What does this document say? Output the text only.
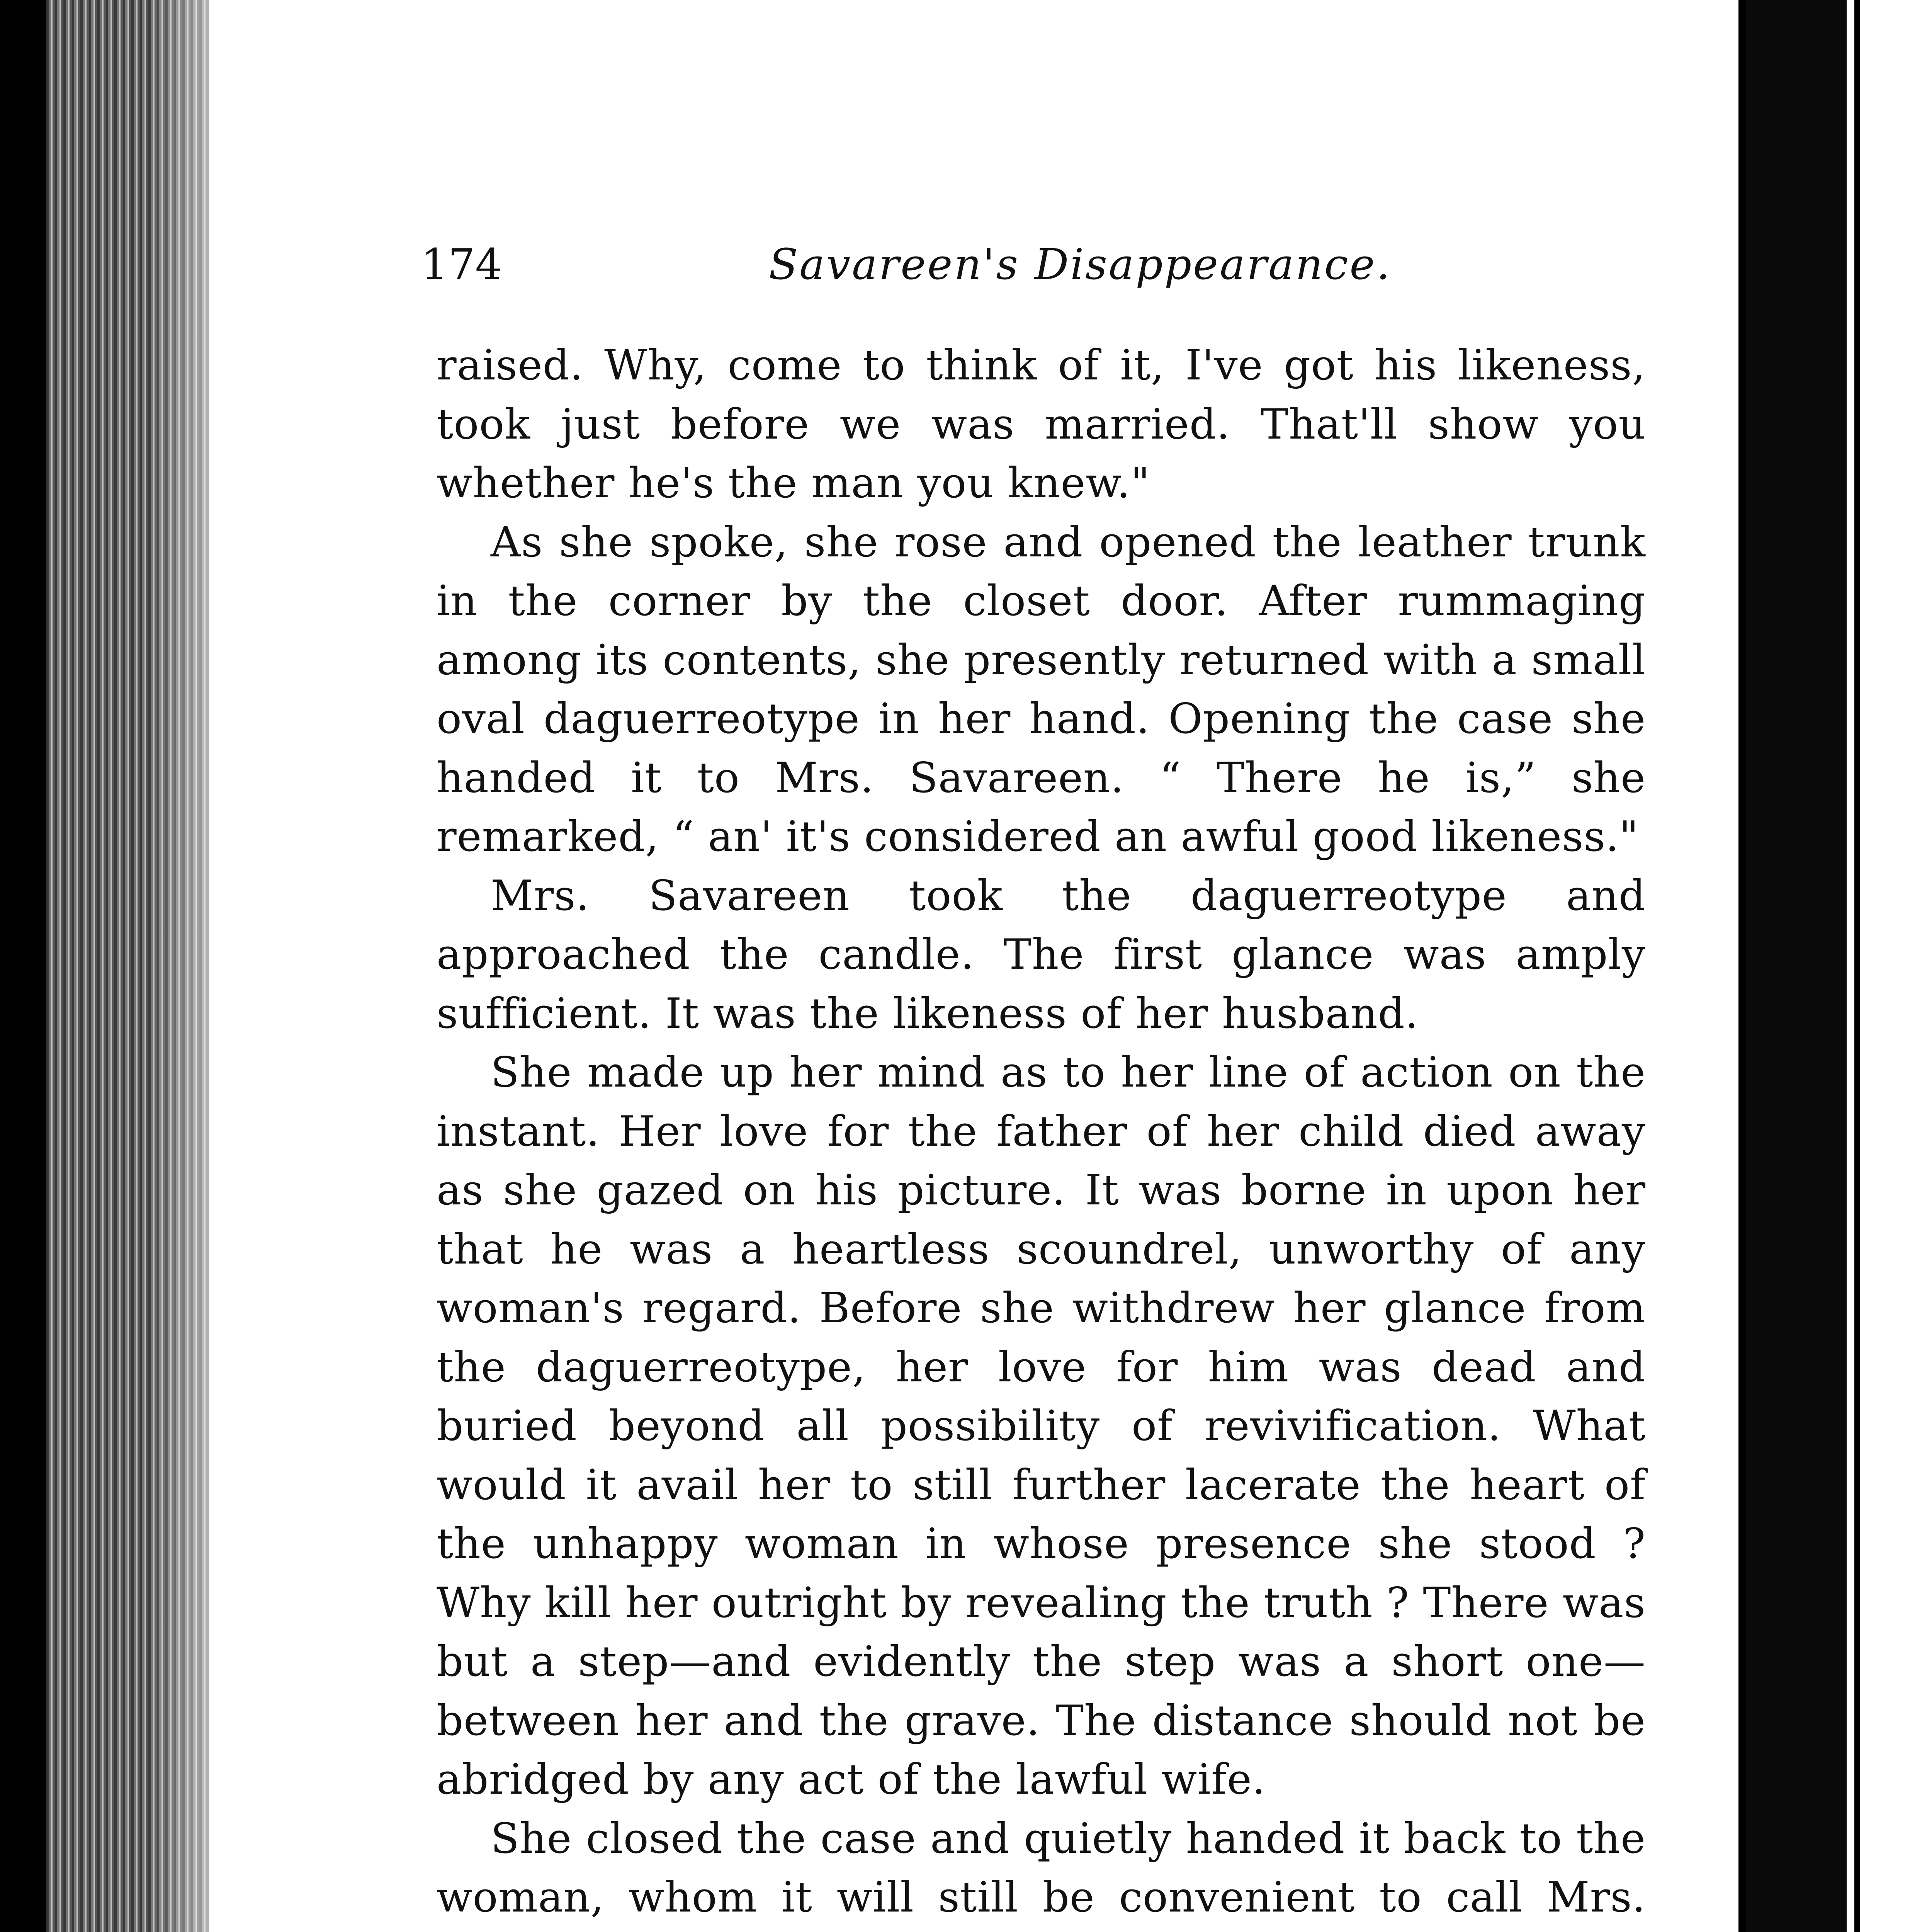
174	Savareen's Disappearance.

raised. Why, come to think of it, I've got his likeness, took just before we was married. That'll show you whether he's the man you knew."

As she spoke, she rose and opened the leather trunk in the corner by the closet door. After rummaging among its contents, she presently returned with a small oval daguerreotype in her hand. Opening the case she handed it to Mrs. Savareen. “ There he is,” she remarked, “ an' it's considered an awful good likeness."

Mrs. Savareen took the daguerreotype and approached the candle. The first glance was amply sufficient. It was the likeness of her husband.

She made up her mind as to her line of action on the instant. Her love for the father of her child died away as she gazed on his picture. It was borne in upon her that he was a heartless scoundrel, unworthy of any woman's regard. Before she withdrew her glance from the daguerreotype, her love for him was dead and buried beyond all possibility of revivification. What would it avail her to still further lacerate the heart of the unhappy woman in whose presence she stood ? Why kill her outright by revealing the truth ? There was but a step—and evidently the step was a short one—between her and the grave. The distance should not be abridged by any act of the lawful wife.

She closed the case and quietly handed it back to the woman, whom it will still be convenient to call Mrs.
